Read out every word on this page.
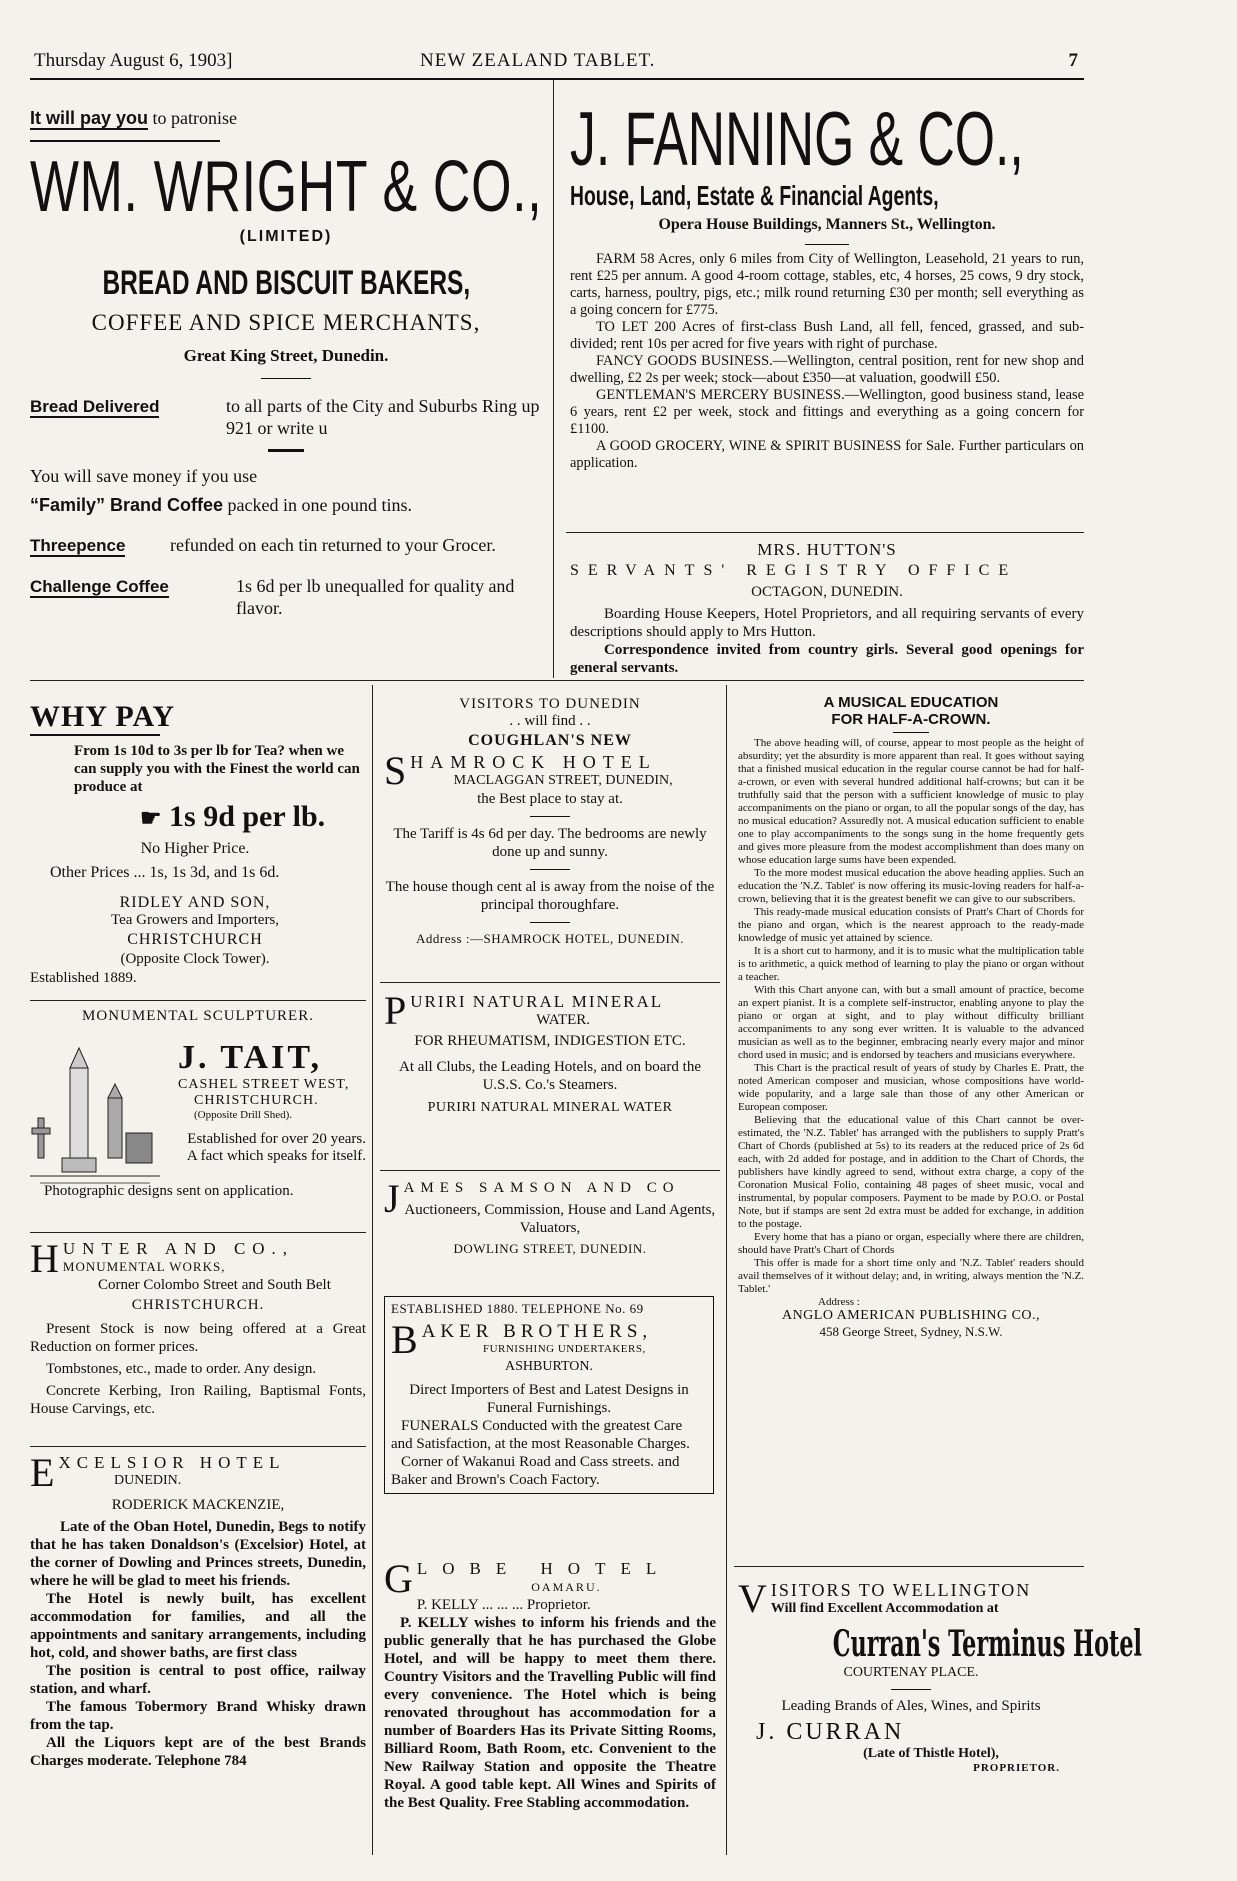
Thursday August 6, 1903]	NEW ZEALAND TABLET.	7
It will pay you to patronise
WM. WRIGHT & CO.,
(LIMITED)
BREAD AND BISCUIT BAKERS,
COFFEE AND SPICE MERCHANTS,
Great King Street, Dunedin.
Bread Delivered	to all parts of the City and Suburbs Ring up 921 or write u
You will save money if you use
“Family” Brand Coffee packed in one pound tins.
Threepence	refunded on each tin returned to your Grocer.
Challenge Coffee	1s 6d per lb unequalled for quality and flavor.
J. FANNING & CO.,
House, Land, Estate & Financial Agents,
Opera House Buildings, Manners St., Wellington.

FARM 58 Acres, only 6 miles from City of Wellington, Leasehold, 21 years to run, rent £25 per annum. A good 4-room cottage, stables, etc, 4 horses, 25 cows, 9 dry stock, carts, harness, poultry, pigs, etc.; milk round returning £30 per month; sell everything as a going concern for £775.

TO LET 200 Acres of first-class Bush Land, all fell, fenced, grassed, and sub-divided; rent 10s per acred for five years with right of purchase.

FANCY GOODS BUSINESS.—Wellington, central position, rent for new shop and dwelling, £2 2s per week; stock—about £350—at valuation, goodwill £50.

GENTLEMAN'S MERCERY BUSINESS.—Wellington, good business stand, lease 6 years, rent £2 per week, stock and fittings and everything as a going concern for £1100.

A GOOD GROCERY, WINE & SPIRIT BUSINESS for Sale. Further particulars on application.

MRS. HUTTON'S
SERVANTS' REGISTRY OFFICE
OCTAGON, DUNEDIN.

Boarding House Keepers, Hotel Proprietors, and all requiring servants of every descriptions should apply to Mrs Hutton.

Correspondence invited from country girls. Several good openings for general servants.

WHY PAY

From 1s 10d to 3s per lb for Tea? when we can supply you with the Finest the world can produce at

☛ 1s 9d per lb.
No Higher Price.
Other Prices ... 1s, 1s 3d, and 1s 6d.
RIDLEY AND SON,
Tea Growers and Importers,
CHRISTCHURCH
(Opposite Clock Tower).
Established 1889.
MONUMENTAL SCULPTURER.
J. TAIT,
CASHEL STREET WEST,
CHRISTCHURCH.
(Opposite Drill Shed).
Established for over 20 years. A fact which speaks for itself.
Photographic designs sent on application.
H UNTER AND CO.,
MONUMENTAL WORKS,
Corner Colombo Street and South Belt
CHRISTCHURCH.

Present Stock is now being offered at a Great Reduction on former prices.

Tombstones, etc., made to order. Any design.

Concrete Kerbing, Iron Railing, Baptismal Fonts, House Carvings, etc.

E XCELSIOR HOTEL
DUNEDIN.
RODERICK MACKENZIE,

Late of the Oban Hotel, Dunedin, Begs to notify that he has taken Donaldson's (Excelsior) Hotel, at the corner of Dowling and Princes streets, Dunedin, where he will be glad to meet his friends.

The Hotel is newly built, has excellent accommodation for families, and all the appointments and sanitary arrangements, including hot, cold, and shower baths, are first class

The position is central to post office, railway station, and wharf.

The famous Tobermory Brand Whisky drawn from the tap.

All the Liquors kept are of the best Brands Charges moderate. Telephone 784

VISITORS TO DUNEDIN
. . will find . .
COUGHLAN'S NEW
S HAMROCK HOTEL
MACLAGGAN STREET, DUNEDIN,
the Best place to stay at.

The Tariff is 4s 6d per day. The bedrooms are newly done up and sunny.

The house though cent al is away from the noise of the principal thoroughfare.

Address :—SHAMROCK HOTEL, DUNEDIN.
P URIRI NATURAL MINERAL
WATER.
FOR RHEUMATISM, INDIGESTION ETC.

At all Clubs, the Leading Hotels, and on board the U.S.S. Co.'s Steamers.

PURIRI NATURAL MINERAL WATER
J AMES SAMSON AND CO

Auctioneers, Commission, House and Land Agents, Valuators,

DOWLING STREET, DUNEDIN.
ESTABLISHED 1880. TELEPHONE No. 69
B AKER BROTHERS,
FURNISHING UNDERTAKERS,
ASHBURTON.

Direct Importers of Best and Latest Designs in Funeral Furnishings.

FUNERALS Conducted with the greatest Care and Satisfaction, at the most Reasonable Charges.

Corner of Wakanui Road and Cass streets. and Baker and Brown's Coach Factory.

G LOBE HOTEL
OAMARU.
P. KELLY ... ... ... Proprietor.

P. KELLY wishes to inform his friends and the public generally that he has purchased the Globe Hotel, and will be happy to meet them there. Country Visitors and the Travelling Public will find every convenience. The Hotel which is being renovated throughout has accommodation for a number of Boarders Has its Private Sitting Rooms, Billiard Room, Bath Room, etc. Convenient to the New Railway Station and opposite the Theatre Royal. A good table kept. All Wines and Spirits of the Best Quality. Free Stabling accommodation.

A MUSICAL EDUCATION
FOR HALF-A-CROWN.

The above heading will, of course, appear to most people as the height of absurdity; yet the absurdity is more apparent than real. It goes without saying that a finished musical education in the regular course cannot be had for half-a-crown, or even with several hundred additional half-crowns; but can it be truthfully said that the person with a sufficient knowledge of music to play accompaniments on the piano or organ, to all the popular songs of the day, has no musical education? Assuredly not. A musical education sufficient to enable one to play accompaniments to the songs sung in the home frequently gets and gives more pleasure from the modest accomplishment than does many on whose education large sums have been expended.

To the more modest musical education the above heading applies. Such an education the 'N.Z. Tablet' is now offering its music-loving readers for half-a-crown, believing that it is the greatest benefit we can give to our subscribers.

This ready-made musical education consists of Pratt's Chart of Chords for the piano and organ, which is the nearest approach to the ready-made knowledge of music yet attained by science.

It is a short cut to harmony, and it is to music what the multiplication table is to arithmetic, a quick method of learning to play the piano or organ without a teacher.

With this Chart anyone can, with but a small amount of practice, become an expert pianist. It is a complete self-instructor, enabling anyone to play the piano or organ at sight, and to play without difficulty brilliant accompaniments to any song ever written. It is valuable to the advanced musician as well as to the beginner, embracing nearly every major and minor chord used in music; and is endorsed by teachers and musicians everywhere.

This Chart is the practical result of years of study by Charles E. Pratt, the noted American composer and musician, whose compositions have world-wide popularity, and a large sale than those of any other American or European composer.

Believing that the educational value of this Chart cannot be over-estimated, the 'N.Z. Tablet' has arranged with the publishers to supply Pratt's Chart of Chords (published at 5s) to its readers at the reduced price of 2s 6d each, with 2d added for postage, and in addition to the Chart of Chords, the publishers have kindly agreed to send, without extra charge, a copy of the Coronation Musical Folio, containing 48 pages of sheet music, vocal and instrumental, by popular composers. Payment to be made by P.O.O. or Postal Note, but if stamps are sent 2d extra must be added for exchange, in addition to the postage.

Every home that has a piano or organ, especially where there are children, should have Pratt's Chart of Chords

This offer is made for a short time only and 'N.Z. Tablet' readers should avail themselves of it without delay; and, in writing, always mention the 'N.Z. Tablet.'

Address :
ANGLO AMERICAN PUBLISHING CO.,
458 George Street, Sydney, N.S.W.
V ISITORS TO WELLINGTON
Will find Excellent Accommodation at
Curran's Terminus Hotel
COURTENAY PLACE.
Leading Brands of Ales, Wines, and Spirits
J. CURRAN
(Late of Thistle Hotel),
PROPRIETOR.
